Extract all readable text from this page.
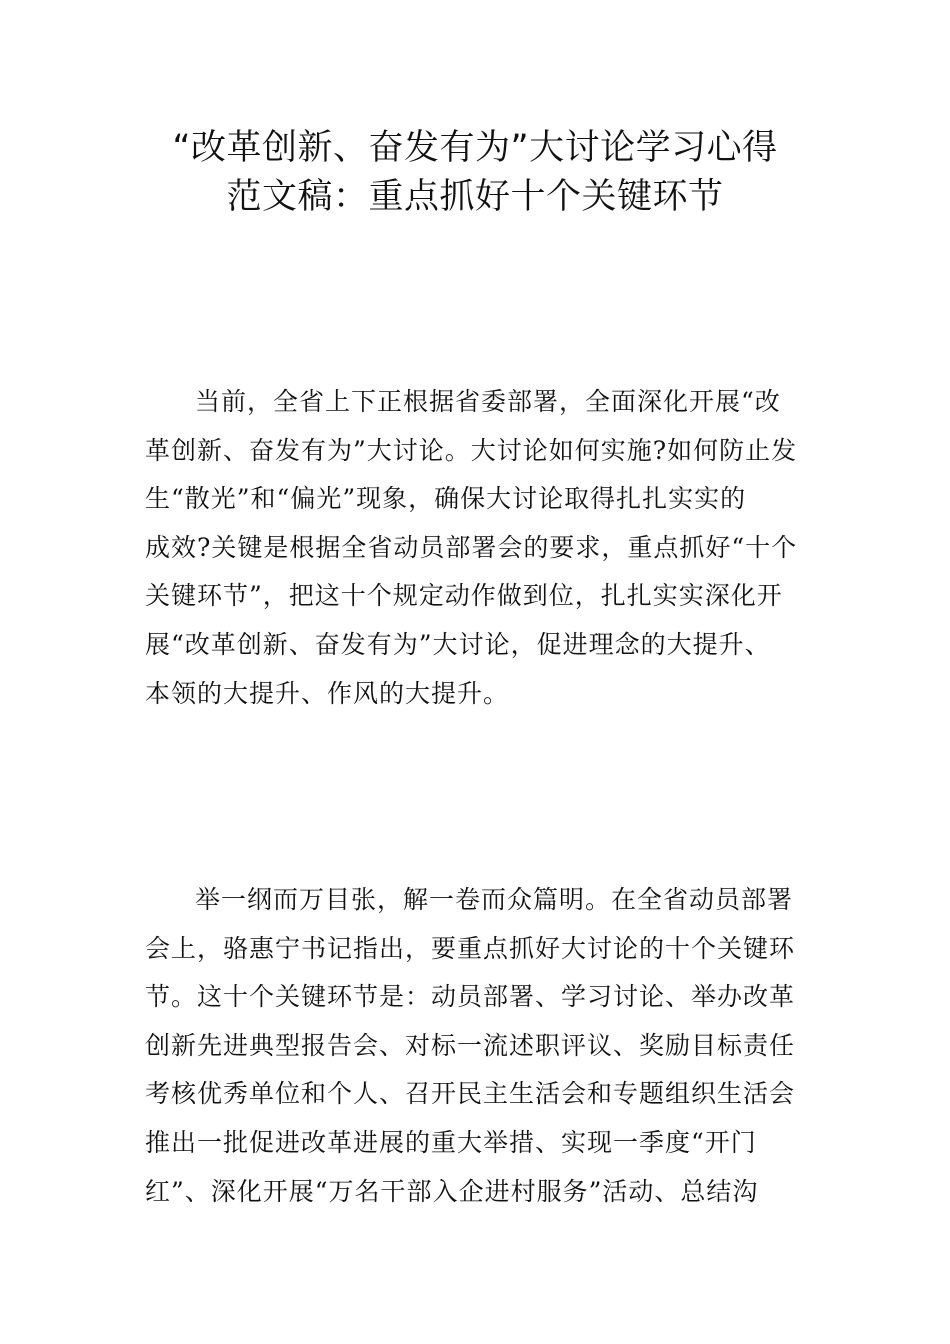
“改革创新、奋发有为”大讨论学习心得
范文稿：重点抓好十个关键环节
当前，全省上下正根据省委部署，全面深化开展“改
革创新、奋发有为”大讨论。大讨论如何实施?如何防止发
生“散光”和“偏光”现象，确保大讨论取得扎扎实实的
成效?关键是根据全省动员部署会的要求，重点抓好“十个
关键环节”，把这十个规定动作做到位，扎扎实实深化开
展“改革创新、奋发有为”大讨论，促进理念的大提升、
本领的大提升、作风的大提升。
举一纲而万目张，解一卷而众篇明。在全省动员部署
会上，骆惠宁书记指出，要重点抓好大讨论的十个关键环
节。这十个关键环节是：动员部署、学习讨论、举办改革
创新先进典型报告会、对标一流述职评议、奖励目标责任
考核优秀单位和个人、召开民主生活会和专题组织生活会
推出一批促进改革进展的重大举措、实现一季度“开门
红”、深化开展“万名干部入企进村服务”活动、总结沟
